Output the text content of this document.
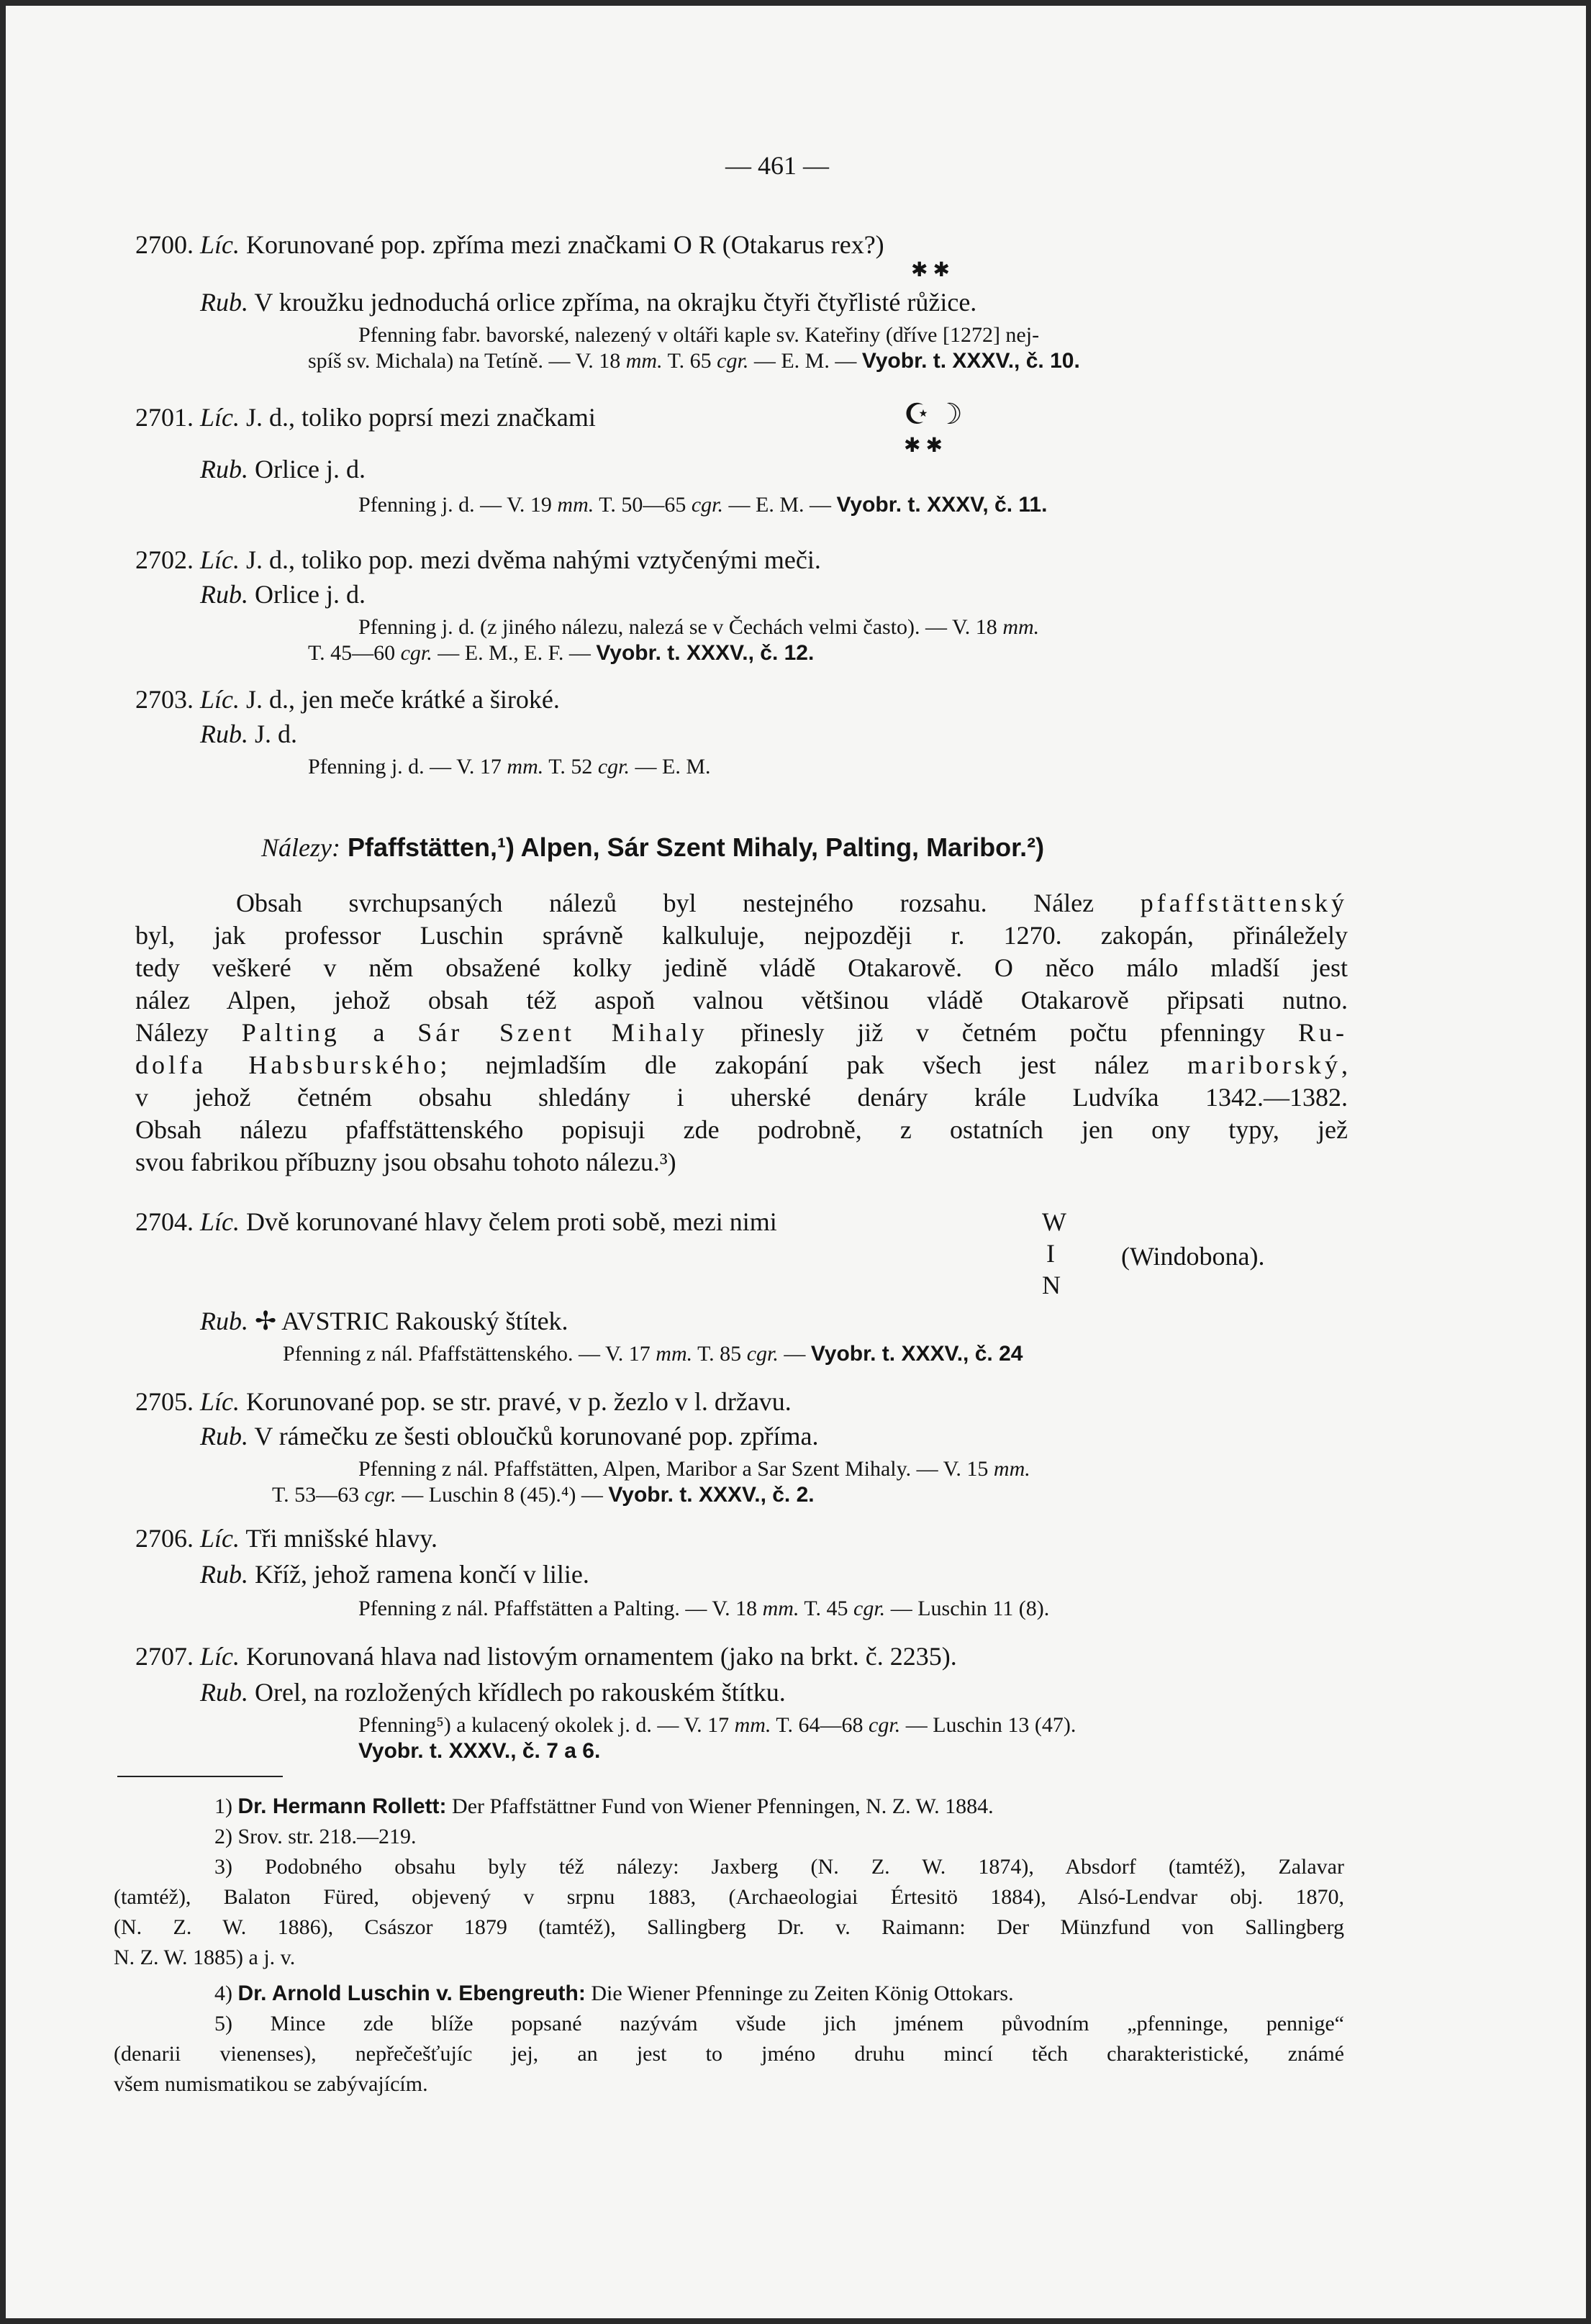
— 461 —
2700. Líc. Korunované pop. zpříma mezi značkami O R (Otakarus rex?)
✱ ✱
Rub. V kroužku jednoduchá orlice zpříma, na okrajku čtyři čtyřlisté růžice.
Pfenning fabr. bavorské, nalezený v oltáři kaple sv. Kateřiny (dříve [1272] nej-
spíš sv. Michala) na Tetíně. — V. 18 mm. T. 65 cgr. — E. M. — Vyobr. t. XXXV., č. 10.
2701. Líc. J. d., toliko poprsí mezi značkami	☪ ☽
✱ ✱
Rub. Orlice j. d.
Pfenning j. d. — V. 19 mm. T. 50—65 cgr. — E. M. — Vyobr. t. XXXV, č. 11.
2702. Líc. J. d., toliko pop. mezi dvěma nahými vztyčenými meči.
Rub. Orlice j. d.
Pfenning j. d. (z jiného nálezu, nalezá se v Čechách velmi často). — V. 18 mm.
T. 45—60 cgr. — E. M., E. F. — Vyobr. t. XXXV., č. 12.
2703. Líc. J. d., jen meče krátké a široké.
Rub. J. d.
Pfenning j. d. — V. 17 mm. T. 52 cgr. — E. M.
Nálezy: Pfaffstätten,¹) Alpen, Sár Szent Mihaly, Palting, Maribor.²)
Obsah svrchupsaných nálezů byl nestejného rozsahu. Nález pfaffstättenský
byl, jak professor Luschin správně kalkuluje, nejpozději r. 1270. zakopán, přináležely
tedy veškeré v něm obsažené kolky jedině vládě Otakarově. O něco málo mladší jest
nález Alpen, jehož obsah též aspoň valnou většinou vládě Otakarově připsati nutno.
Nálezy Palting a Sár Szent Mihaly přinesly již v četném počtu pfenningy Ru-
dolfa Habsburského; nejmladším dle zakopání pak všech jest nález mariborský,
v jehož četném obsahu shledány i uherské denáry krále Ludvíka 1342.—1382.
Obsah nálezu pfaffstättenského popisuji zde podrobně, z ostatních jen ony typy, jež
svou fabrikou příbuzny jsou obsahu tohoto nálezu.³)
2704. Líc. Dvě korunované hlavy čelem proti sobě, mezi nimi	W
I
N
(Windobona).
Rub. ✢ AVSTRIC Rakouský štítek.
Pfenning z nál. Pfaffstättenského. — V. 17 mm. T. 85 cgr. — Vyobr. t. XXXV., č. 24
2705. Líc. Korunované pop. se str. pravé, v p. žezlo v l. državu.
Rub. V rámečku ze šesti obloučků korunované pop. zpříma.
Pfenning z nál. Pfaffstätten, Alpen, Maribor a Sar Szent Mihaly. — V. 15 mm.
T. 53—63 cgr. — Luschin 8 (45).⁴) — Vyobr. t. XXXV., č. 2.
2706. Líc. Tři mnišské hlavy.
Rub. Kříž, jehož ramena končí v lilie.
Pfenning z nál. Pfaffstätten a Palting. — V. 18 mm. T. 45 cgr. — Luschin 11 (8).
2707. Líc. Korunovaná hlava nad listovým ornamentem (jako na brkt. č. 2235).
Rub. Orel, na rozložených křídlech po rakouském štítku.
Pfenning⁵) a kulacený okolek j. d. — V. 17 mm. T. 64—68 cgr. — Luschin 13 (47).
Vyobr. t. XXXV., č. 7 a 6.
1) Dr. Hermann Rollett: Der Pfaffstättner Fund von Wiener Pfenningen, N. Z. W. 1884.
2) Srov. str. 218.—219.
3) Podobného obsahu byly též nálezy: Jaxberg (N. Z. W. 1874), Absdorf (tamtéž), Zalavar
(tamtéž), Balaton Füred, objevený v srpnu 1883, (Archaeologiai Értesitö 1884), Alsó-Lendvar obj. 1870,
(N. Z. W. 1886), Császor 1879 (tamtéž), Sallingberg Dr. v. Raimann: Der Münzfund von Sallingberg
N. Z. W. 1885) a j. v.
4) Dr. Arnold Luschin v. Ebengreuth: Die Wiener Pfenninge zu Zeiten König Ottokars.
5) Mince zde blíže popsané nazývám všude jich jménem původním „pfenninge, pennige“
(denarii vienenses), nepřečešťujíc jej, an jest to jméno druhu mincí těch charakteristické, známé
všem numismatikou se zabývajícím.
